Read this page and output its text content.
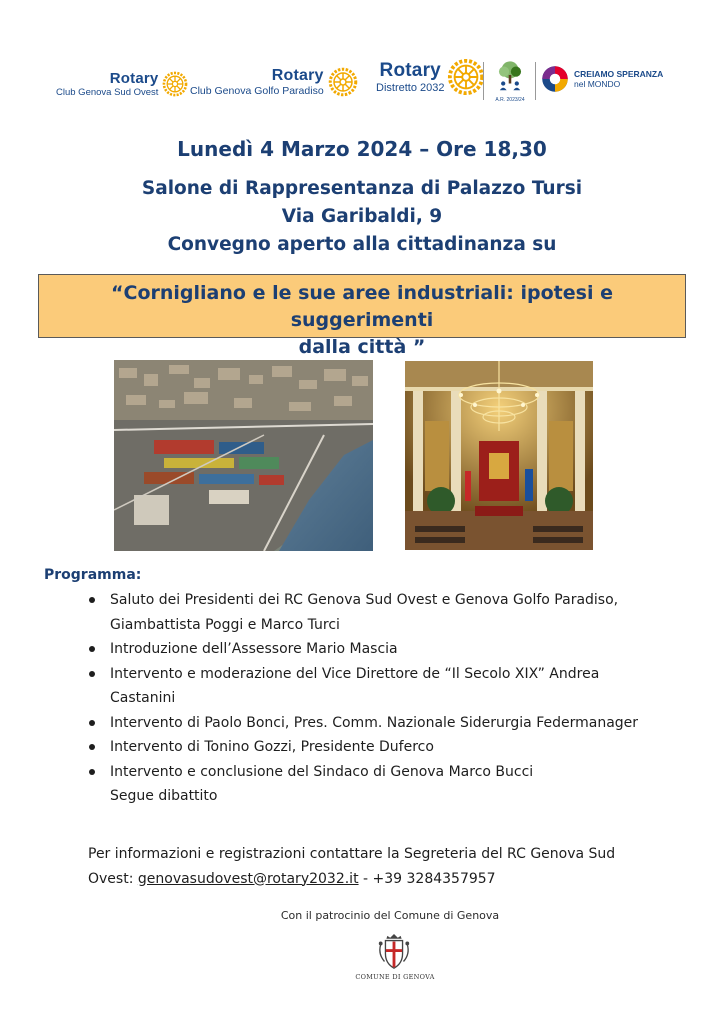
Rotary
Club Genova Sud Ovest
Rotary
Club Genova Golfo Paradiso
Rotary
Distretto 2032
A.R. 2023/24
CREIAMO SPERANZA
nel MONDO
Lunedì 4 Marzo 2024 – Ore 18,30
Salone di Rappresentanza di Palazzo Tursi
Via Garibaldi, 9
Convegno aperto alla cittadinanza su
“Cornigliano e le sue aree industriali: ipotesi e suggerimenti
dalla città ”
Programma:
Saluto dei Presidenti dei RC Genova Sud Ovest e Genova Golfo Paradiso,
Giambattista Poggi e Marco Turci
Introduzione dell’Assessore Mario Mascia
Intervento e moderazione del Vice Direttore de “Il Secolo XIX” Andrea
Castanini
Intervento di Paolo Bonci, Pres. Comm. Nazionale Siderurgia Federmanager
Intervento di Tonino Gozzi, Presidente Duferco
Intervento e conclusione del Sindaco di Genova Marco Bucci
Segue dibattito
Per informazioni e registrazioni contattare la Segreteria del RC Genova Sud
Ovest: genovasudovest@rotary2032.it - +39 3284357957
Con il patrocinio del Comune di Genova
COMUNE DI GENOVA
